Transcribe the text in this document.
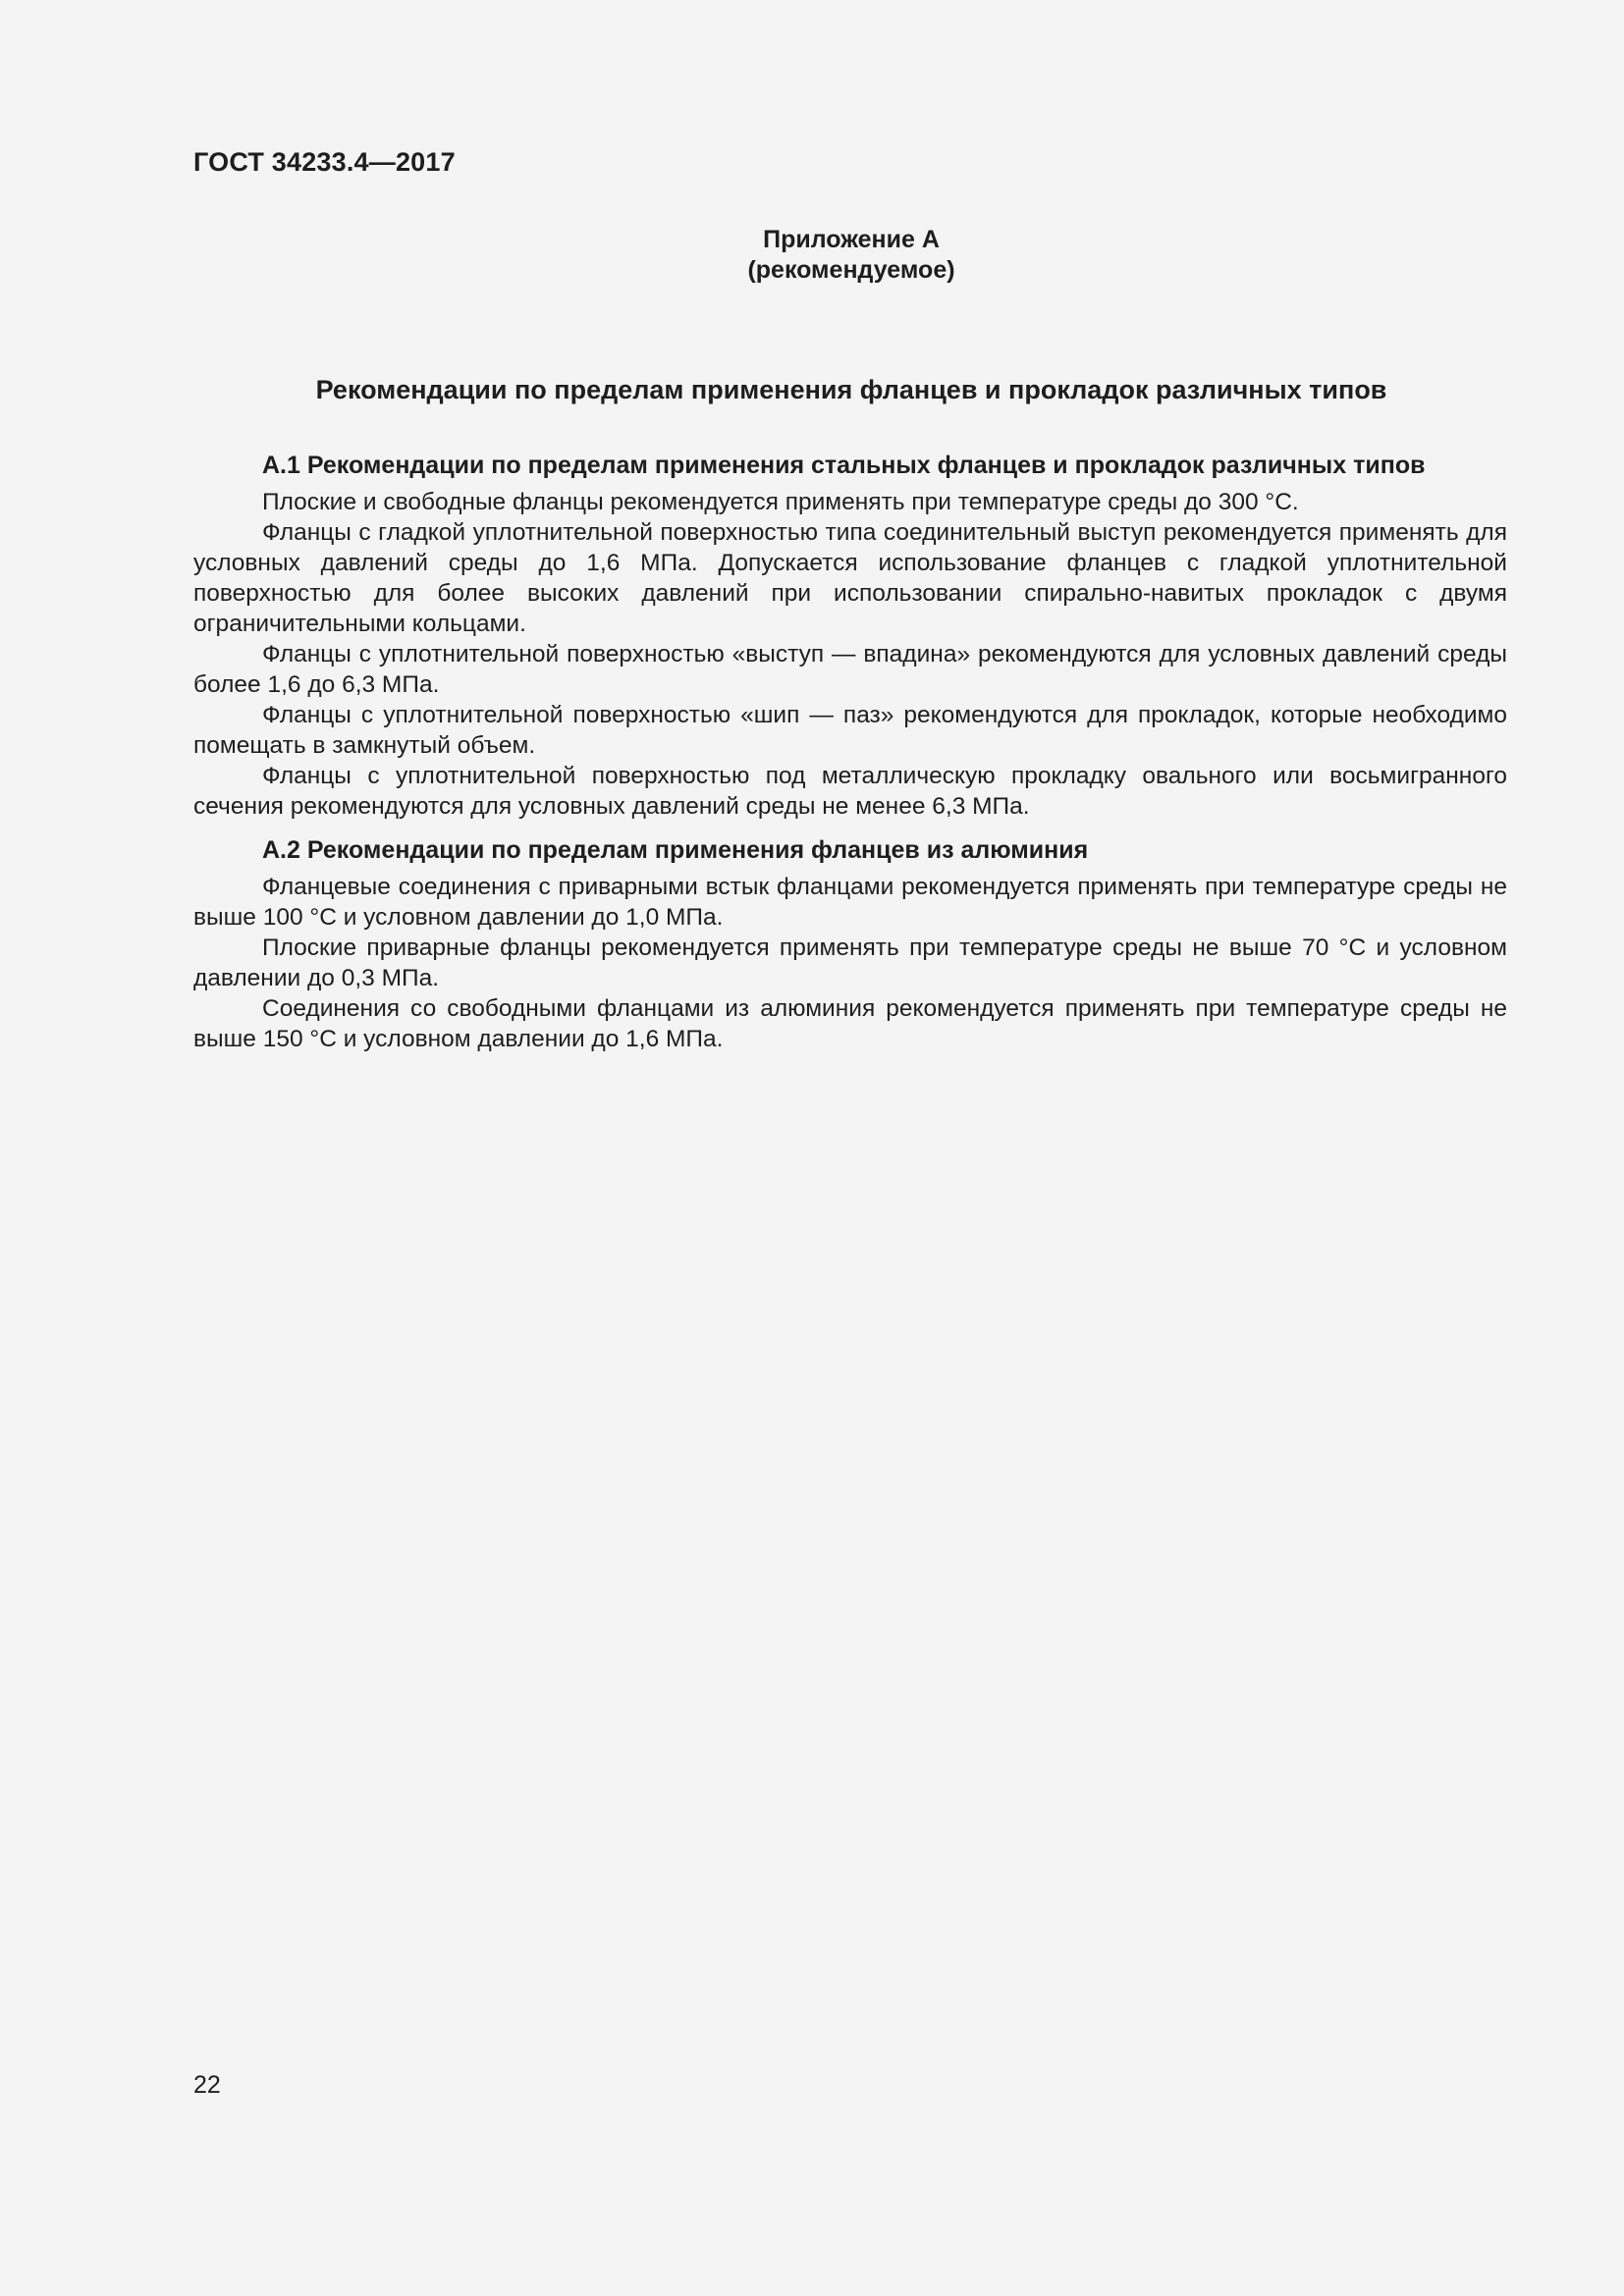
ГОСТ 34233.4—2017
Приложение А
(рекомендуемое)
Рекомендации по пределам применения фланцев и прокладок различных типов

А.1 Рекомендации по пределам применения стальных фланцев и прокладок различных типов

Плоские и свободные фланцы рекомендуется применять при температуре среды до 300 °C.

Фланцы с гладкой уплотнительной поверхностью типа соединительный выступ рекомендуется применять для условных давлений среды до 1,6 МПа. Допускается использование фланцев с гладкой уплотнительной поверхностью для более высоких давлений при использовании спирально-навитых прокладок с двумя ограничительными кольцами.

Фланцы с уплотнительной поверхностью «выступ — впадина» рекомендуются для условных давлений среды более 1,6 до 6,3 МПа.

Фланцы с уплотнительной поверхностью «шип — паз» рекомендуются для прокладок, которые необходимо помещать в замкнутый объем.

Фланцы с уплотнительной поверхностью под металлическую прокладку овального или восьмигранного сечения рекомендуются для условных давлений среды не менее 6,3 МПа.

А.2 Рекомендации по пределам применения фланцев из алюминия

Фланцевые соединения с приварными встык фланцами рекомендуется применять при температуре среды не выше 100 °C и условном давлении до 1,0 МПа.

Плоские приварные фланцы рекомендуется применять при температуре среды не выше 70 °C и условном давлении до 0,3 МПа.

Соединения со свободными фланцами из алюминия рекомендуется применять при температуре среды не выше 150 °C и условном давлении до 1,6 МПа.

22
